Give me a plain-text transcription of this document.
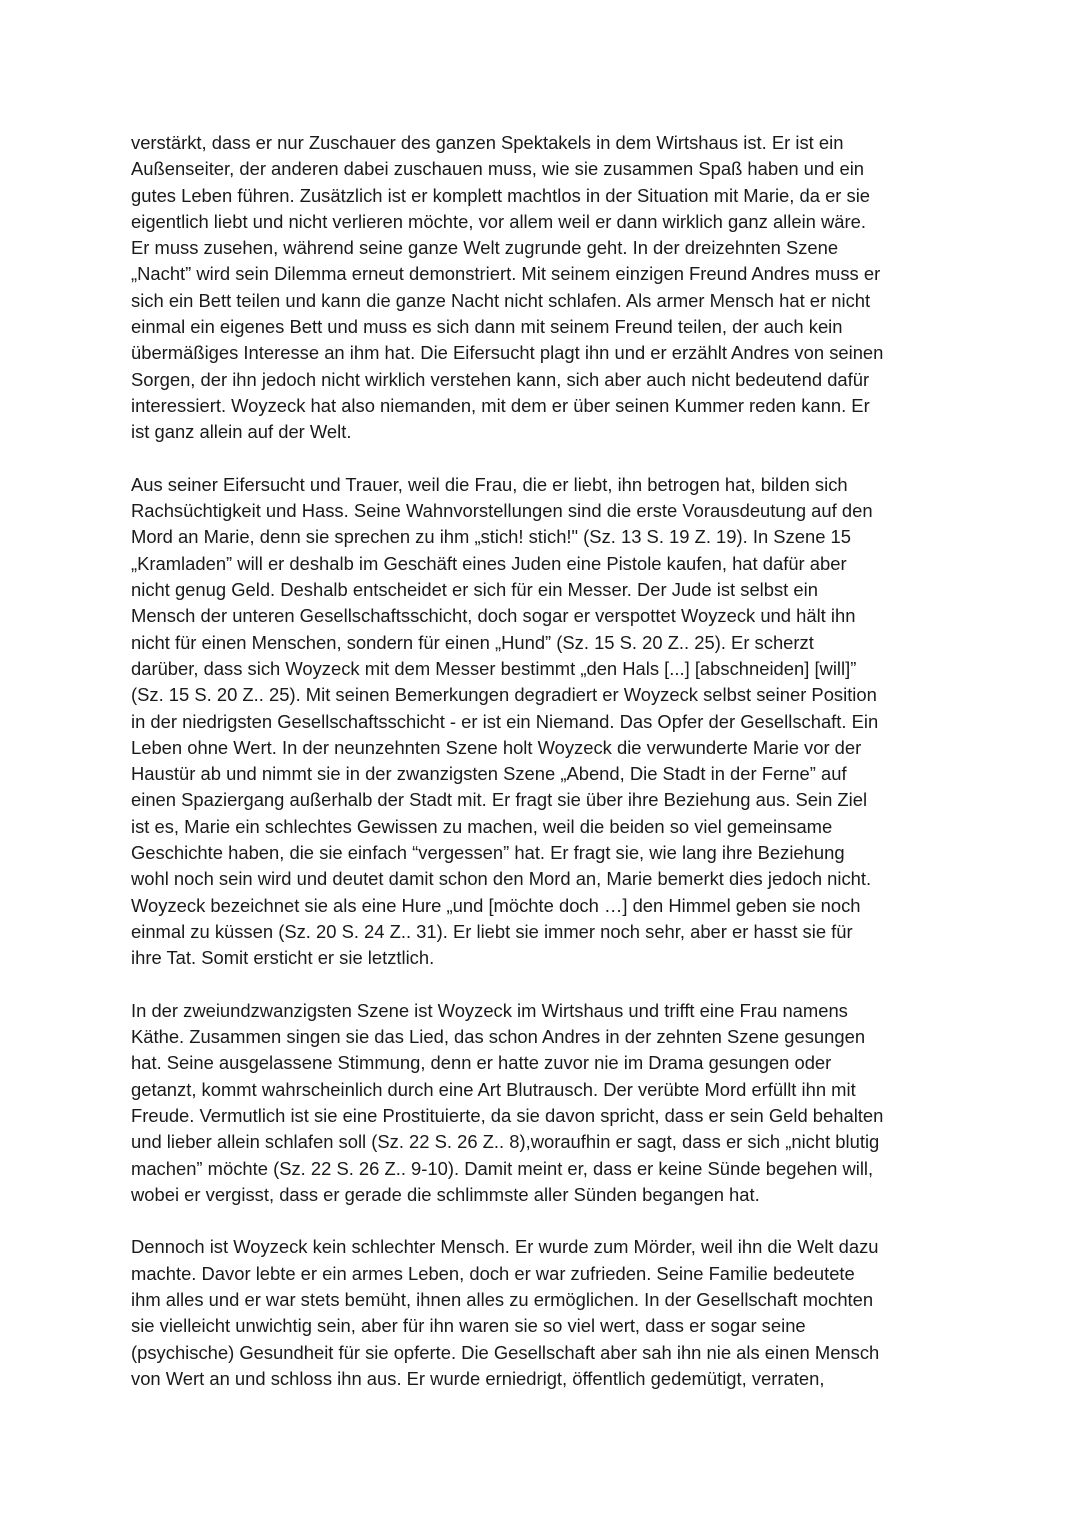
verstärkt, dass er nur Zuschauer des ganzen Spektakels in dem Wirtshaus ist. Er ist ein
Außenseiter, der anderen dabei zuschauen muss, wie sie zusammen Spaß haben und ein
gutes Leben führen. Zusätzlich ist er komplett machtlos in der Situation mit Marie, da er sie
eigentlich liebt und nicht verlieren möchte, vor allem weil er dann wirklich ganz allein wäre.
Er muss zusehen, während seine ganze Welt zugrunde geht. In der dreizehnten Szene
„Nacht” wird sein Dilemma erneut demonstriert. Mit seinem einzigen Freund Andres muss er
sich ein Bett teilen und kann die ganze Nacht nicht schlafen. Als armer Mensch hat er nicht
einmal ein eigenes Bett und muss es sich dann mit seinem Freund teilen, der auch kein
übermäßiges Interesse an ihm hat. Die Eifersucht plagt ihn und er erzählt Andres von seinen
Sorgen, der ihn jedoch nicht wirklich verstehen kann, sich aber auch nicht bedeutend dafür
interessiert. Woyzeck hat also niemanden, mit dem er über seinen Kummer reden kann. Er
ist ganz allein auf der Welt.

Aus seiner Eifersucht und Trauer, weil die Frau, die er liebt, ihn betrogen hat, bilden sich
Rachsüchtigkeit und Hass. Seine Wahnvorstellungen sind die erste Vorausdeutung auf den
Mord an Marie, denn sie sprechen zu ihm „stich! stich!" (Sz. 13 S. 19 Z. 19). In Szene 15
„Kramladen” will er deshalb im Geschäft eines Juden eine Pistole kaufen, hat dafür aber
nicht genug Geld. Deshalb entscheidet er sich für ein Messer. Der Jude ist selbst ein
Mensch der unteren Gesellschaftsschicht, doch sogar er verspottet Woyzeck und hält ihn
nicht für einen Menschen, sondern für einen „Hund” (Sz. 15 S. 20 Z.. 25). Er scherzt
darüber, dass sich Woyzeck mit dem Messer bestimmt „den Hals [...] [abschneiden] [will]”
(Sz. 15 S. 20 Z.. 25). Mit seinen Bemerkungen degradiert er Woyzeck selbst seiner Position
in der niedrigsten Gesellschaftsschicht - er ist ein Niemand. Das Opfer der Gesellschaft. Ein
Leben ohne Wert. In der neunzehnten Szene holt Woyzeck die verwunderte Marie vor der
Haustür ab und nimmt sie in der zwanzigsten Szene „Abend, Die Stadt in der Ferne” auf
einen Spaziergang außerhalb der Stadt mit. Er fragt sie über ihre Beziehung aus. Sein Ziel
ist es, Marie ein schlechtes Gewissen zu machen, weil die beiden so viel gemeinsame
Geschichte haben, die sie einfach “vergessen” hat. Er fragt sie, wie lang ihre Beziehung
wohl noch sein wird und deutet damit schon den Mord an, Marie bemerkt dies jedoch nicht.
Woyzeck bezeichnet sie als eine Hure „und [möchte doch …] den Himmel geben sie noch
einmal zu küssen (Sz. 20 S. 24 Z.. 31). Er liebt sie immer noch sehr, aber er hasst sie für
ihre Tat. Somit ersticht er sie letztlich.

In der zweiundzwanzigsten Szene ist Woyzeck im Wirtshaus und trifft eine Frau namens
Käthe. Zusammen singen sie das Lied, das schon Andres in der zehnten Szene gesungen
hat. Seine ausgelassene Stimmung, denn er hatte zuvor nie im Drama gesungen oder
getanzt, kommt wahrscheinlich durch eine Art Blutrausch. Der verübte Mord erfüllt ihn mit
Freude. Vermutlich ist sie eine Prostituierte, da sie davon spricht, dass er sein Geld behalten
und lieber allein schlafen soll (Sz. 22 S. 26 Z.. 8),woraufhin er sagt, dass er sich „nicht blutig
machen” möchte (Sz. 22 S. 26 Z.. 9-10). Damit meint er, dass er keine Sünde begehen will,
wobei er vergisst, dass er gerade die schlimmste aller Sünden begangen hat.

Dennoch ist Woyzeck kein schlechter Mensch. Er wurde zum Mörder, weil ihn die Welt dazu
machte. Davor lebte er ein armes Leben, doch er war zufrieden. Seine Familie bedeutete
ihm alles und er war stets bemüht, ihnen alles zu ermöglichen. In der Gesellschaft mochten
sie vielleicht unwichtig sein, aber für ihn waren sie so viel wert, dass er sogar seine
(psychische) Gesundheit für sie opferte. Die Gesellschaft aber sah ihn nie als einen Mensch
von Wert an und schloss ihn aus. Er wurde erniedrigt, öffentlich gedemütigt, verraten,
